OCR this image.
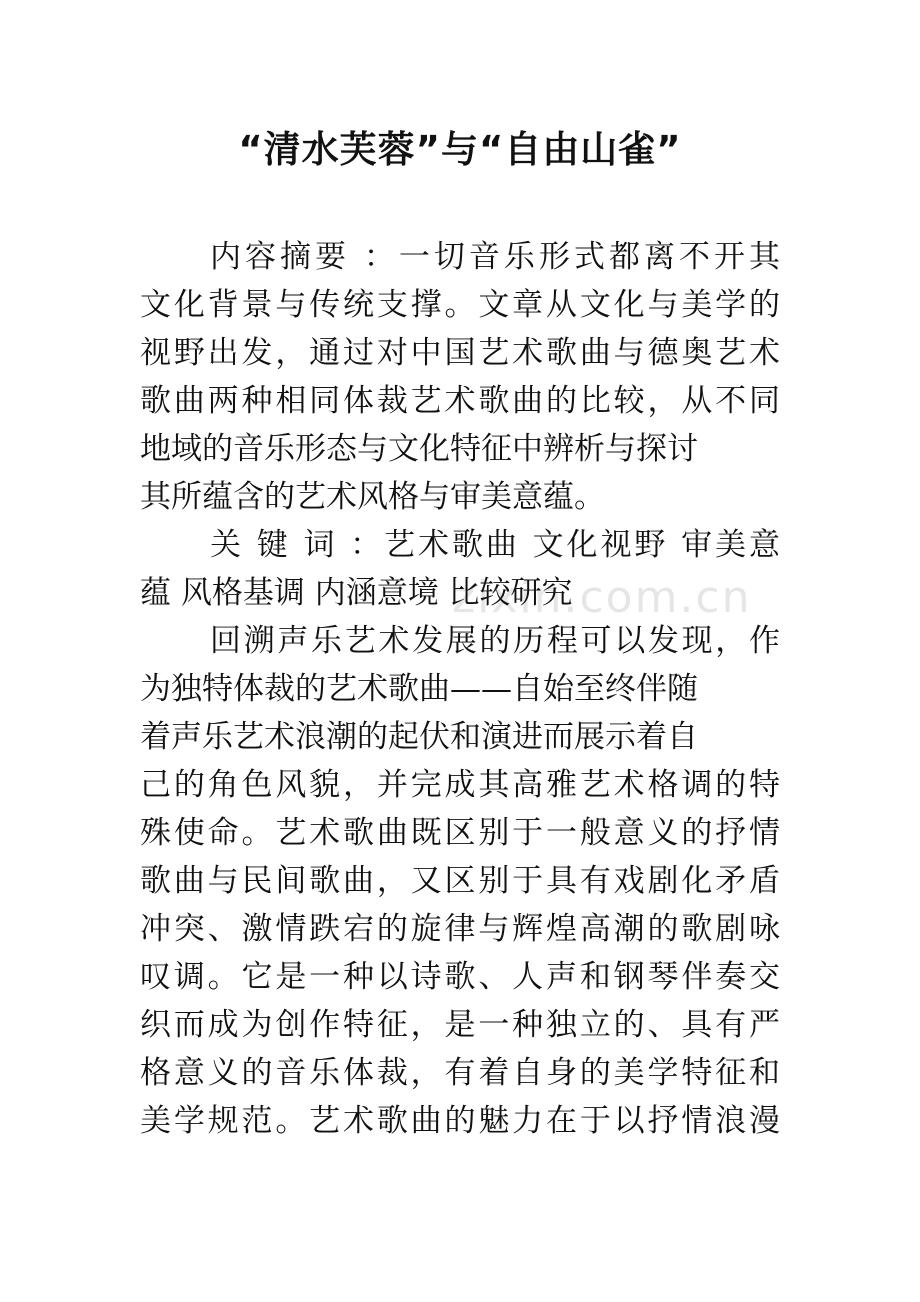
zixin.com.cn
“清水芙蓉”与“自由山雀”
内容摘要 ：一切音乐形式都离不开其
文化背景与传统支撑。文章从文化与美学的
视野出发，通过对中国艺术歌曲与德奥艺术
歌曲两种相同体裁艺术歌曲的比较，从不同
地域的音乐形态与文化特征中辨析与探讨
其所蕴含的艺术风格与审美意蕴。
关 键 词 ：艺术歌曲 文化视野 审美意
蕴 风格基调 内涵意境 比较研究
回溯声乐艺术发展的历程可以发现，作
为独特体裁的艺术歌曲——自始至终伴随
着声乐艺术浪潮的起伏和演进而展示着自
己的角色风貌，并完成其高雅艺术格调的特
殊使命。艺术歌曲既区别于一般意义的抒情
歌曲与民间歌曲，又区别于具有戏剧化矛盾
冲突、激情跌宕的旋律与辉煌高潮的歌剧咏
叹调。它是一种以诗歌、人声和钢琴伴奏交
织而成为创作特征，是一种独立的、具有严
格意义的音乐体裁，有着自身的美学特征和
美学规范。艺术歌曲的魅力在于以抒情浪漫
